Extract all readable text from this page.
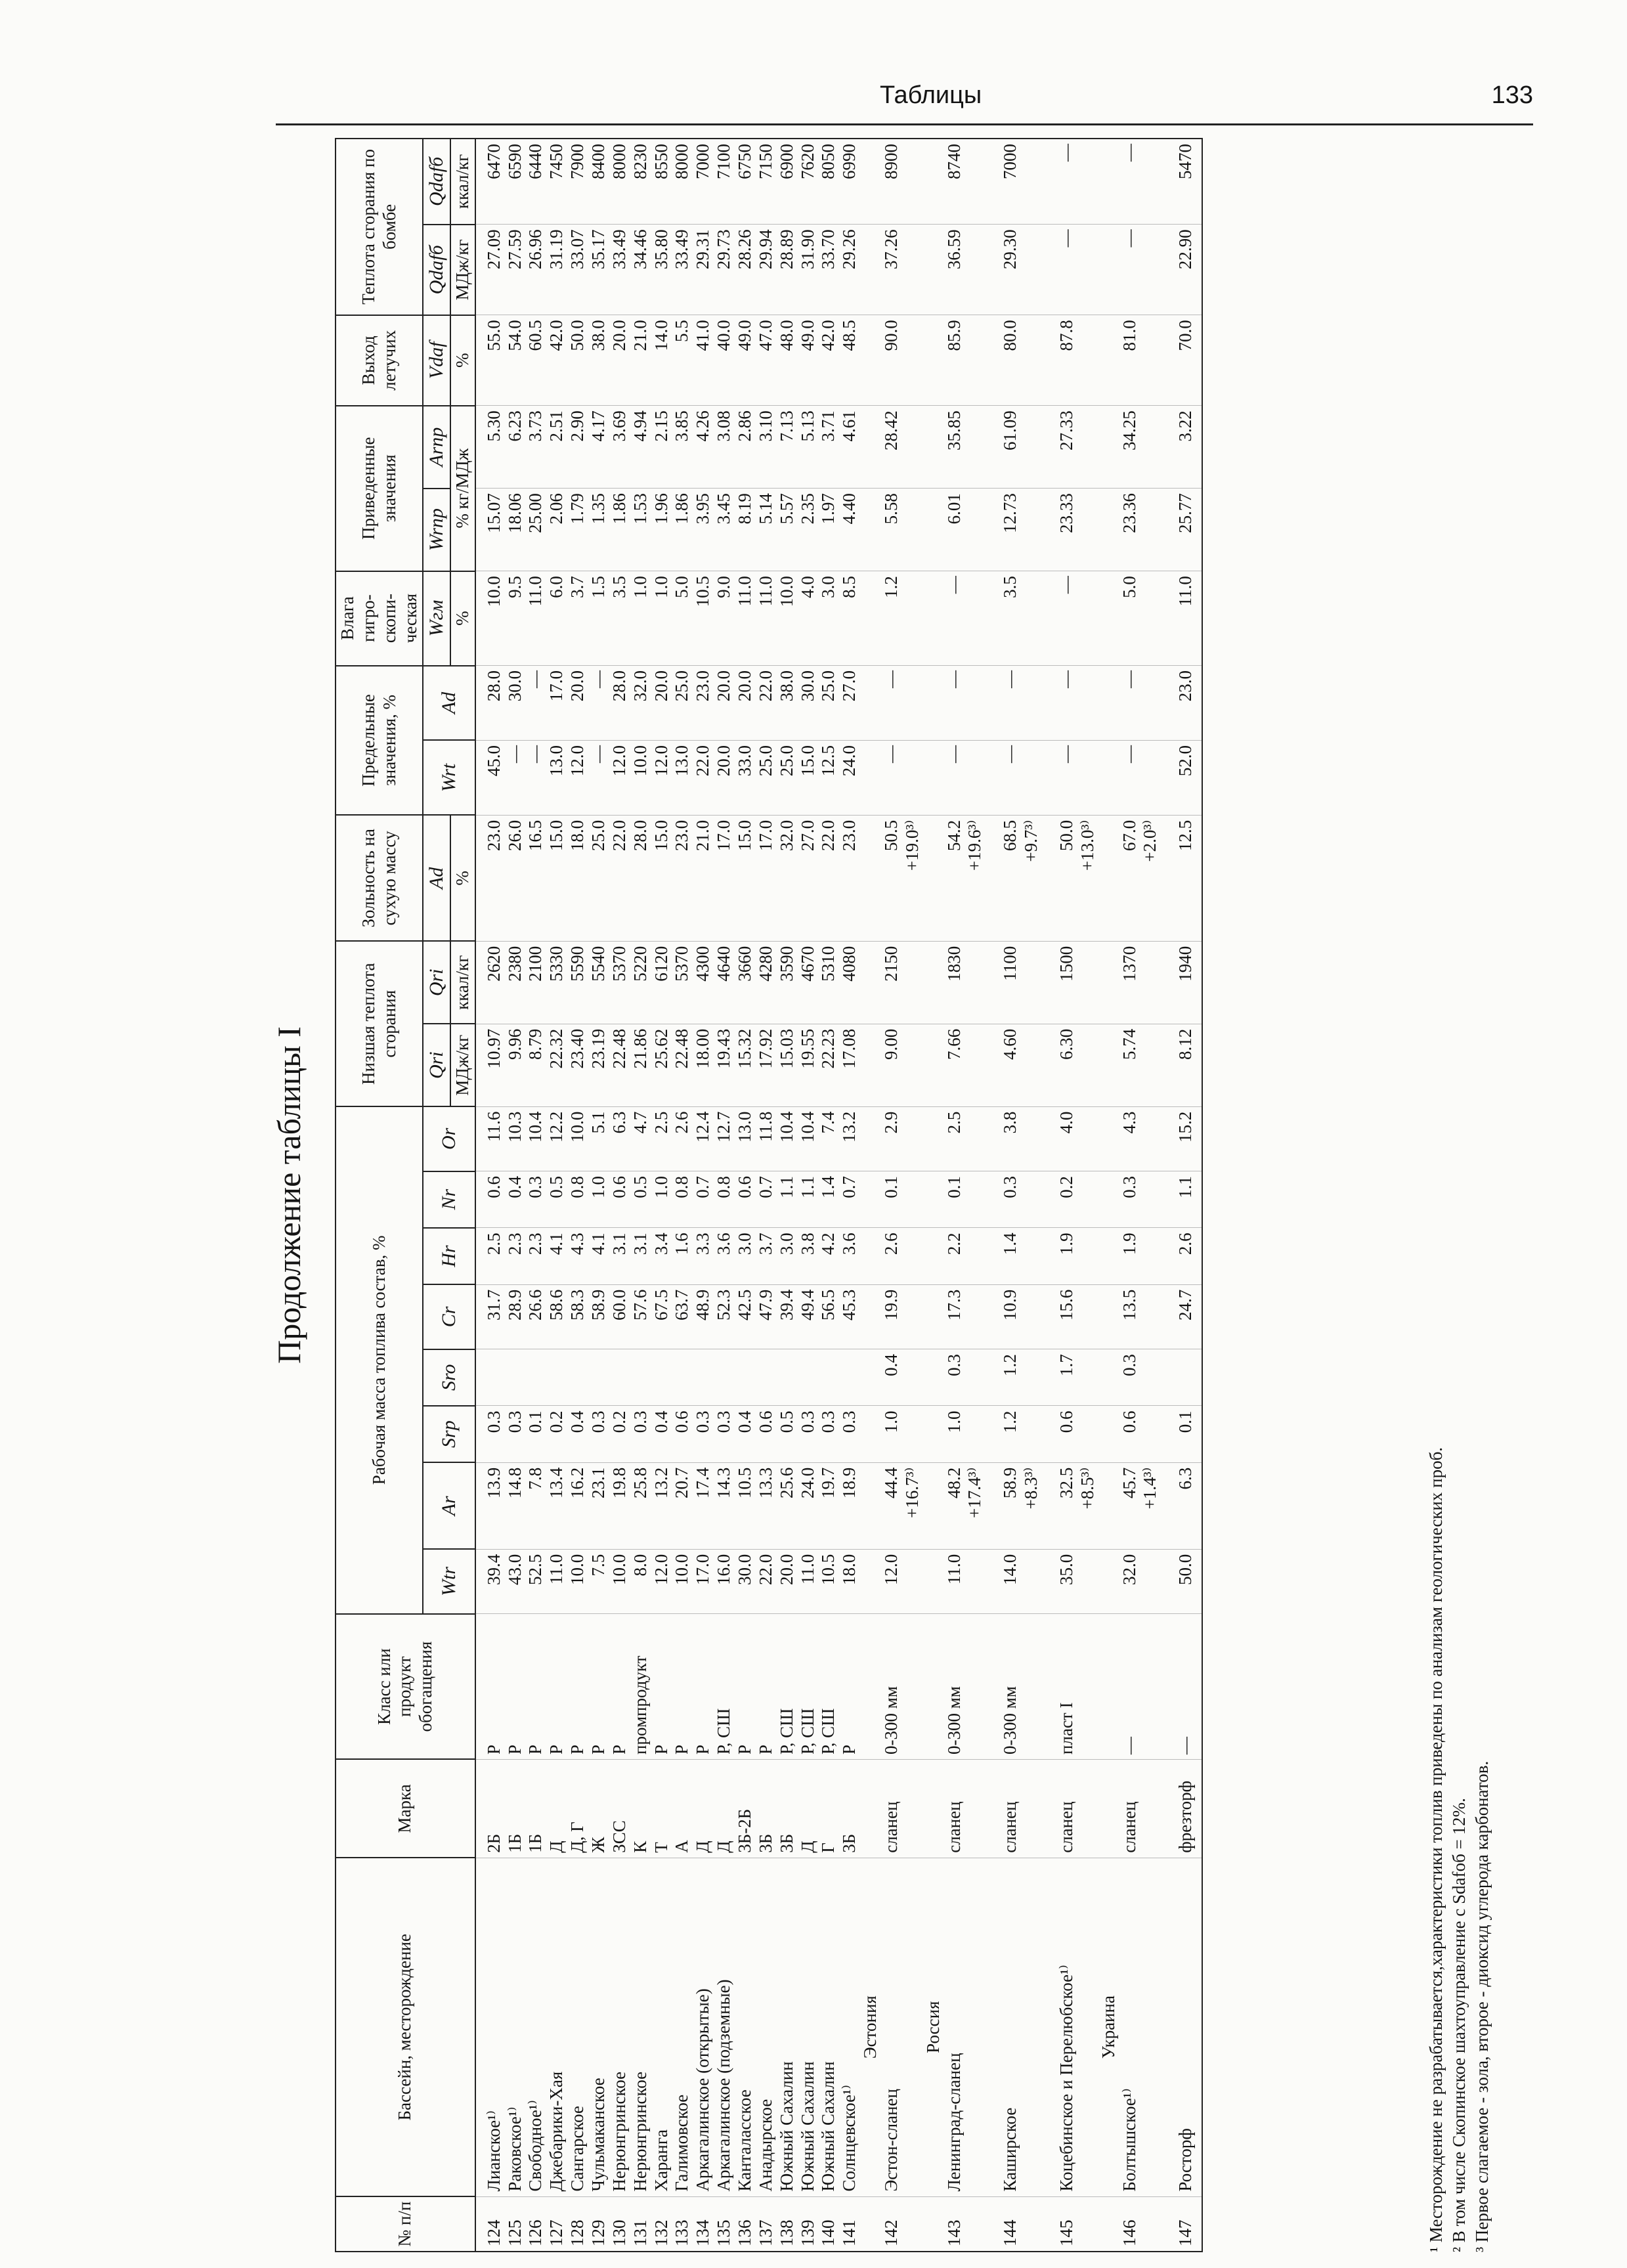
Таблицы	133
Продолжение таблицы I
№ п/п	Бассейн, месторождение	Марка	Класс или продукт обогащения	Рабочая масса топлива состав, %								Низшая теплота сгорания		Зольность на сухую массу	Предельные значения, %		Влага гигро-скопи-ческая	Приведенные значения		Выход летучих	Теплота сгорания по бомбе	
				Wtr	Ar	Srp	Sro	Cr	Hr	Nr	Or	Qri	Qri	Ad	Wrt	Ad	Wгм	Wrпр	Arпр	Vdaf	Qdafб	Qdafб
												МДж/кг	ккал/кг	%			%	% кг/МДж		%	МДж/кг	ккал/кг
124	Лианское¹⁾	2Б	Р	39.4	13.9	0.3		31.7	2.5	0.6	11.6	10.97	2620	23.0	45.0	28.0	10.0	15.07	5.30	55.0	27.09	6470
125	Раковское¹⁾	1Б	Р	43.0	14.8	0.3		28.9	2.3	0.4	10.3	9.96	2380	26.0	—	30.0	9.5	18.06	6.23	54.0	27.59	6590
126	Свободное¹⁾	1Б	Р	52.5	7.8	0.1		26.6	2.3	0.3	10.4	8.79	2100	16.5	—	—	11.0	25.00	3.73	60.5	26.96	6440
127	Джебарики-Хая	Д	Р	11.0	13.4	0.2		58.6	4.1	0.5	12.2	22.32	5330	15.0	13.0	17.0	6.0	2.06	2.51	42.0	31.19	7450
128	Сангарское	Д, Г	Р	10.0	16.2	0.4		58.3	4.3	0.8	10.0	23.40	5590	18.0	12.0	20.0	3.7	1.79	2.90	50.0	33.07	7900
129	Чульмаканское	Ж	Р	7.5	23.1	0.3		58.9	4.1	1.0	5.1	23.19	5540	25.0	—	—	1.5	1.35	4.17	38.0	35.17	8400
130	Нерюнгринское	ЗСС	Р	10.0	19.8	0.2		60.0	3.1	0.6	6.3	22.48	5370	22.0	12.0	28.0	3.5	1.86	3.69	20.0	33.49	8000
131	Нерюнгринское	К	промпродукт	8.0	25.8	0.3		57.6	3.1	0.5	4.7	21.86	5220	28.0	10.0	32.0	1.0	1.53	4.94	21.0	34.46	8230
132	Харанга	Т	Р	12.0	13.2	0.4		67.5	3.4	1.0	2.5	25.62	6120	15.0	12.0	20.0	1.0	1.96	2.15	14.0	35.80	8550
133	Галимовское	А	Р	10.0	20.7	0.6		63.7	1.6	0.8	2.6	22.48	5370	23.0	13.0	25.0	5.0	1.86	3.85	5.5	33.49	8000
134	Аркагалинское (открытые)	Д	Р	17.0	17.4	0.3		48.9	3.3	0.7	12.4	18.00	4300	21.0	22.0	23.0	10.5	3.95	4.26	41.0	29.31	7000
135	Аркагалинское (подземные)	Д	Р, СШ	16.0	14.3	0.3		52.3	3.6	0.8	12.7	19.43	4640	17.0	20.0	20.0	9.0	3.45	3.08	40.0	29.73	7100
136	Канталасское	3Б-2Б	Р	30.0	10.5	0.4		42.5	3.0	0.6	13.0	15.32	3660	15.0	33.0	20.0	11.0	8.19	2.86	49.0	28.26	6750
137	Анадырское	3Б	Р	22.0	13.3	0.6		47.9	3.7	0.7	11.8	17.92	4280	17.0	25.0	22.0	11.0	5.14	3.10	47.0	29.94	7150
138	Южный Сахалин	3Б	Р, СШ	20.0	25.6	0.5		39.4	3.0	1.1	10.4	15.03	3590	32.0	25.0	38.0	10.0	5.57	7.13	48.0	28.89	6900
139	Южный Сахалин	Д	Р, СШ	11.0	24.0	0.3		49.4	3.8	1.1	10.4	19.55	4670	27.0	15.0	30.0	4.0	2.35	5.13	49.0	31.90	7620
140	Южный Сахалин	Г	Р, СШ	10.5	19.7	0.3		56.5	4.2	1.4	7.4	22.23	5310	22.0	12.5	25.0	3.0	1.97	3.71	42.0	33.70	8050
141	Солнцевское¹⁾	3Б	Р	18.0	18.9	0.3		45.3	3.6	0.7	13.2	17.08	4080	23.0	24.0	27.0	8.5	4.40	4.61	48.5	29.26	6990
	Эстония																					
142	Эстон-сланец	сланец	0-300 мм	12.0	44.4	1.0	0.4	19.9	2.6	0.1	2.9	9.00	2150	50.5	—	—	1.2	5.58	28.42	90.0	37.26	8900
					+16.7³⁾									+19.0³⁾								
	Россия																					
143	Ленинград-сланец	сланец	0-300 мм	11.0	48.2	1.0	0.3	17.3	2.2	0.1	2.5	7.66	1830	54.2	—	—	—	6.01	35.85	85.9	36.59	8740
					+17.4³⁾									+19.6³⁾								
144	Каширское	сланец	0-300 мм	14.0	58.9	1.2	1.2	10.9	1.4	0.3	3.8	4.60	1100	68.5	—	—	3.5	12.73	61.09	80.0	29.30	7000
					+8.3³⁾									+9.7³⁾								
145	Коцебинское и Перелюбское¹⁾	сланец	пласт I	35.0	32.5	0.6	1.7	15.6	1.9	0.2	4.0	6.30	1500	50.0	—	—	—	23.33	27.33	87.8	—	—
					+8.5³⁾									+13.0³⁾								
	Украина																					
146	Болтышское¹⁾	сланец	—	32.0	45.7	0.6	0.3	13.5	1.9	0.3	4.3	5.74	1370	67.0	—	—	5.0	23.36	34.25	81.0	—	—
					+1.4³⁾									+2.0³⁾								
147	Росторф	фрезторф	—	50.0	6.3	0.1		24.7	2.6	1.1	15.2	8.12	1940	12.5	52.0	23.0	11.0	25.77	3.22	70.0	22.90	5470
¹ Месторождение не разрабатывается,характеристики топлив приведены по анализам геологических проб. ² В том числе Скопинское шахтоуправление с Sdafоб = 12%. ³ Первое слагаемое - зола, второе - диоксид углерода карбонатов.
